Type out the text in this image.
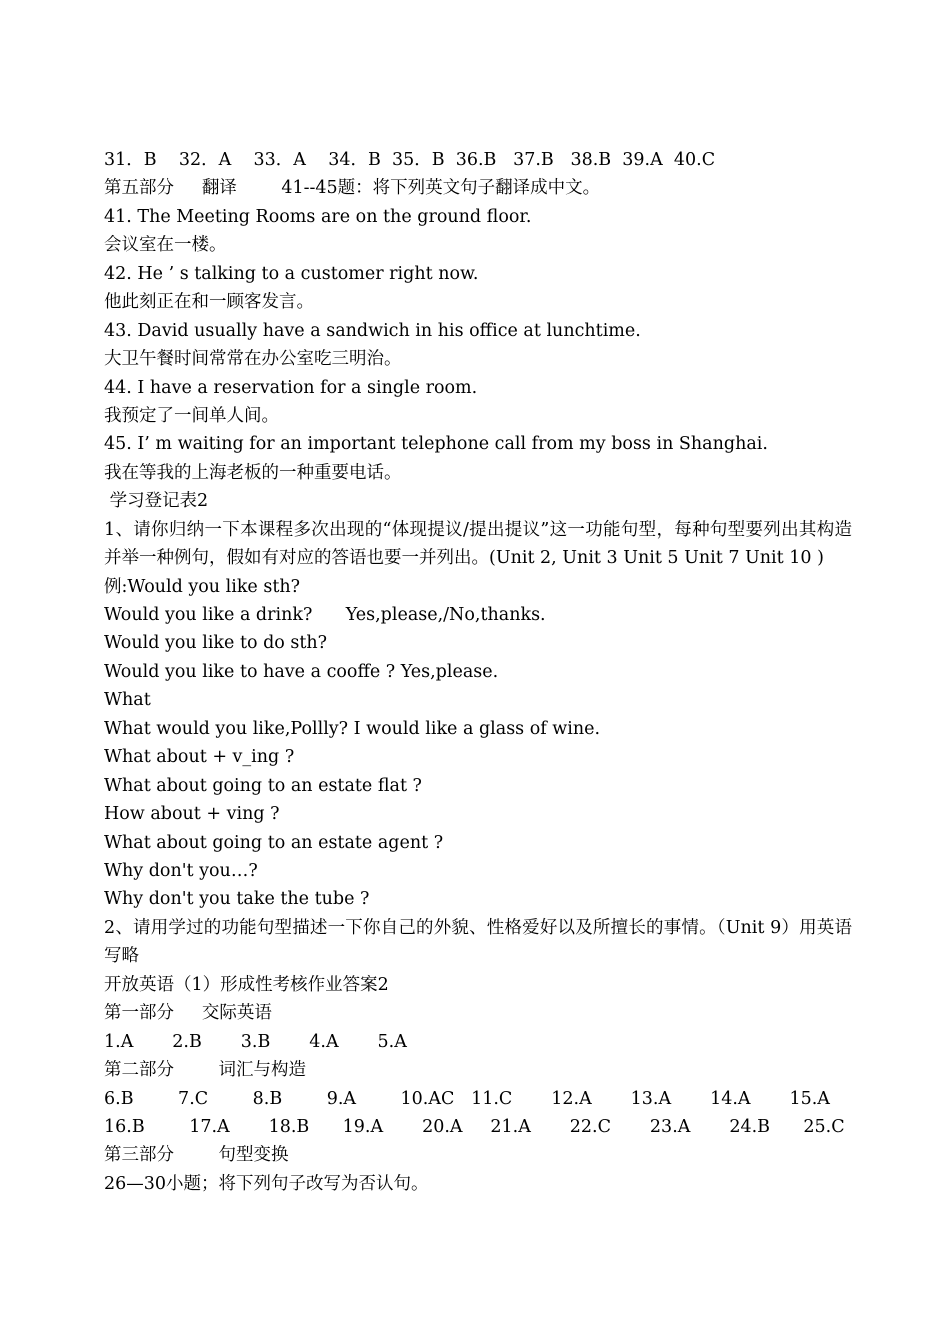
31．B    32．A    33．A    34．B  35．B  36.B   37.B   38.B  39.A  40.C
第五部分     翻译        41--45题：将下列英文句子翻译成中文。
41. The Meeting Rooms are on the ground floor.
会议室在一楼。
42. He ’ s talking to a customer right now.
他此刻正在和一顾客发言。
43. David usually have a sandwich in his office at lunchtime.
大卫午餐时间常常在办公室吃三明治。
44. I have a reservation for a single room.
我预定了一间单人间。
45. I’ m waiting for an important telephone call from my boss in Shanghai.
我在等我的上海老板的一种重要电话。
学习登记表2
1、请你归纳一下本课程多次出现的“体现提议/提出提议”这一功能句型，每种句型要列出其构造并举一种例句，假如有对应的答语也要一并列出。(Unit 2, Unit 3 Unit 5 Unit 7 Unit 10 )
例:Would you like sth?
Would you like a drink?      Yes,please,/No,thanks.
Would you like to do sth?
Would you like to have a cooffe ? Yes,please.
What
What would you like,Pollly? I would like a glass of wine.
What about + v_ing ?
What about going to an estate flat ?
How about + ving ?
What about going to an estate agent ?
Why don't you…?
Why don't you take the tube ?
2、请用学过的功能句型描述一下你自己的外貌、性格爱好以及所擅长的事情。（Unit 9）用英语写略
开放英语（1）形成性考核作业答案2
第一部分     交际英语
1.A       2.B       3.B       4.A       5.A
第二部分        词汇与构造
6.B        7.C        8.B        9.A        10.AC   11.C       12.A       13.A       14.A       15.A
16.B        17.A       18.B      19.A       20.A     21.A       22.C       23.A       24.B      25.C
第三部分        句型变换
26—30小题；将下列句子改写为否认句。
